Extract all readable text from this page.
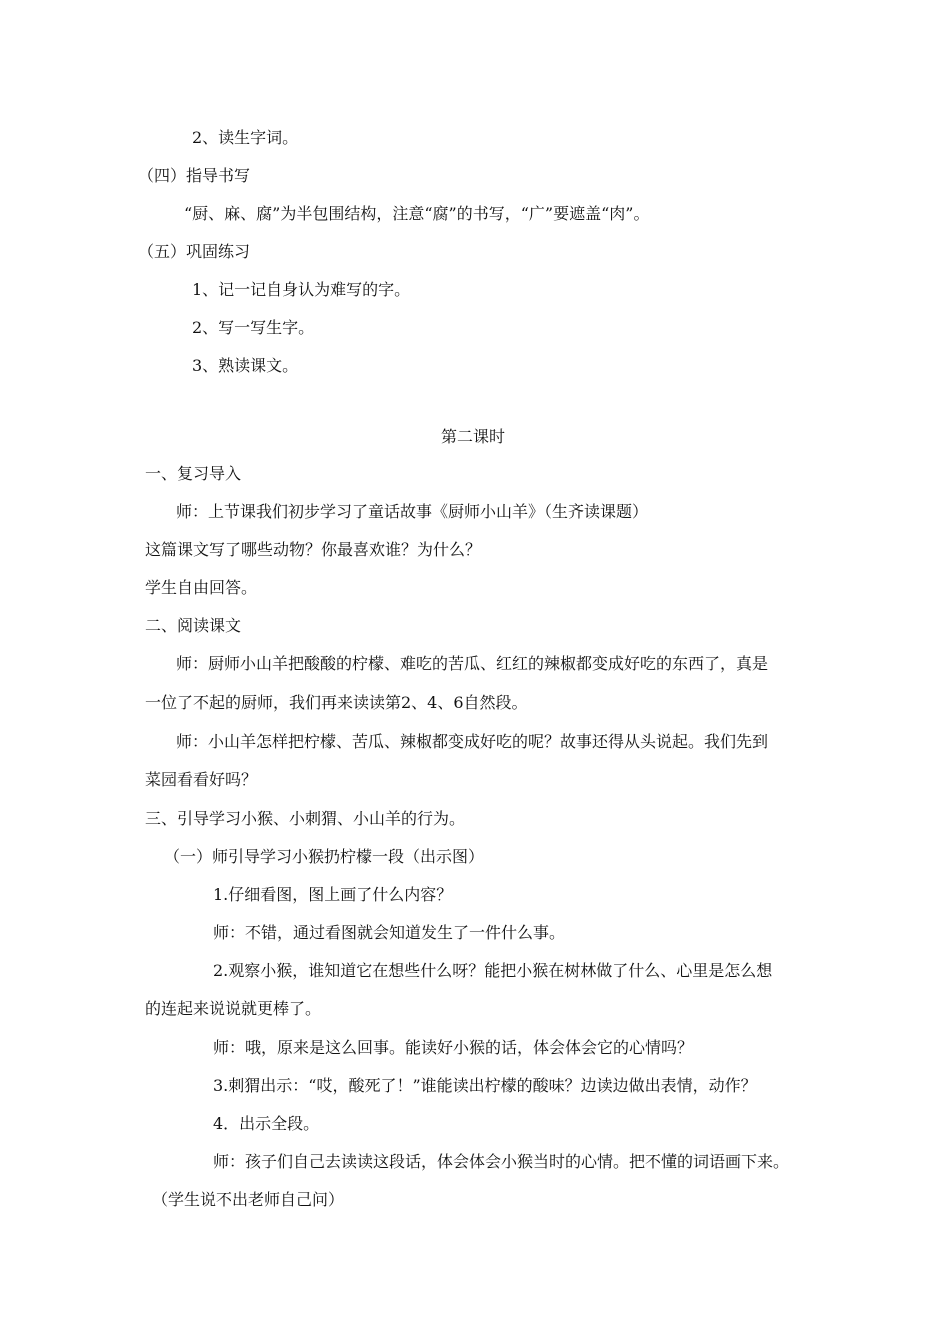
2、读生字词。
（四）指导书写
“厨、麻、腐”为半包围结构，注意“腐”的书写，“广”要遮盖“肉”。
（五）巩固练习
1、记一记自身认为难写的字。
2、写一写生字。
3、熟读课文。
第二课时
一、复习导入
师：上节课我们初步学习了童话故事《厨师小山羊》（生齐读课题）
这篇课文写了哪些动物？你最喜欢谁？为什么？
学生自由回答。
二、阅读课文
师：厨师小山羊把酸酸的柠檬、难吃的苦瓜、红红的辣椒都变成好吃的东西了，真是
一位了不起的厨师，我们再来读读第2、4、6自然段。
师：小山羊怎样把柠檬、苦瓜、辣椒都变成好吃的呢？故事还得从头说起。我们先到
菜园看看好吗？
三、引导学习小猴、小刺猬、小山羊的行为。
（一）师引导学习小猴扔柠檬一段（出示图）
1.仔细看图，图上画了什么内容？
师：不错，通过看图就会知道发生了一件什么事。
2.观察小猴，谁知道它在想些什么呀？能把小猴在树林做了什么、心里是怎么想
的连起来说说就更棒了。
师：哦，原来是这么回事。能读好小猴的话，体会体会它的心情吗？
3.刺猬出示：“哎，酸死了！”谁能读出柠檬的酸味？边读边做出表情，动作？
4．出示全段。
师：孩子们自己去读读这段话，体会体会小猴当时的心情。把不懂的词语画下来。
（学生说不出老师自己问）
